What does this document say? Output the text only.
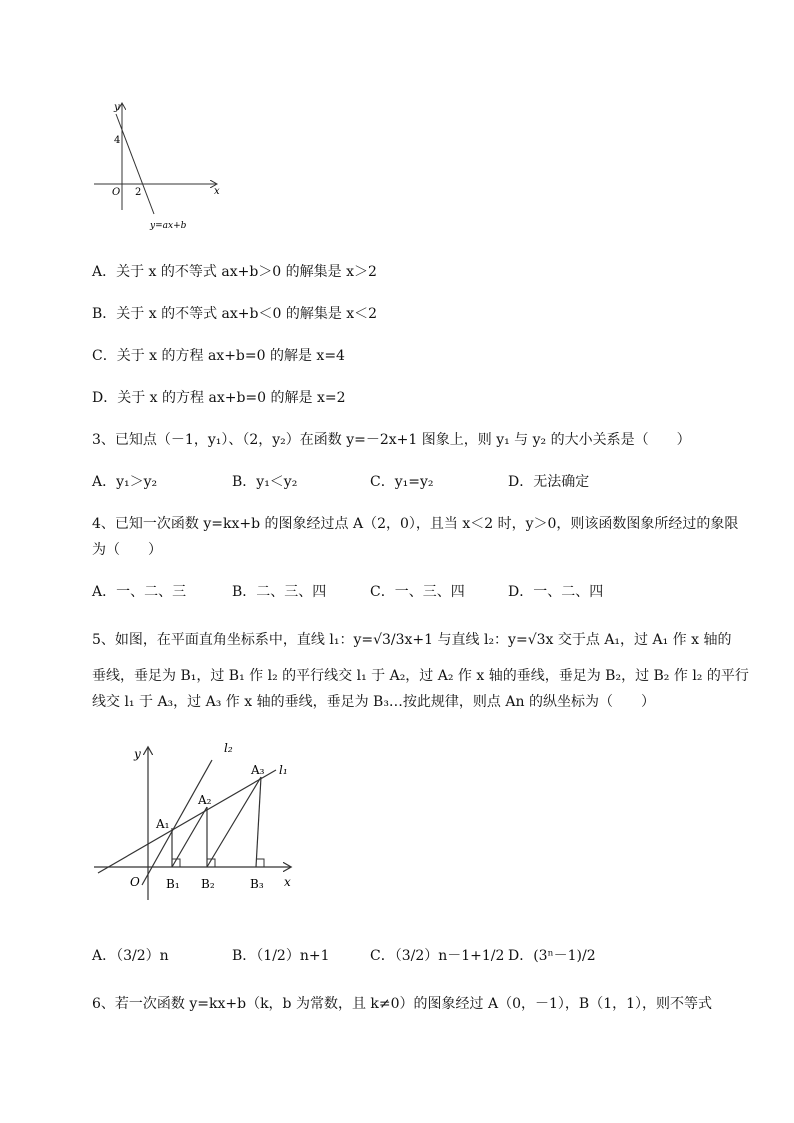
y
x
O
4
2
y=ax+b
A．关于 x 的不等式 ax+b＞0 的解集是 x＞2
B．关于 x 的不等式 ax+b＜0 的解集是 x＜2
C．关于 x 的方程 ax+b=0 的解是 x=4
D．关于 x 的方程 ax+b=0 的解是 x=2
3、已知点（－1，y₁）、（2，y₂）在函数 y=－2x+1 图象上，则 y₁ 与 y₂ 的大小关系是（　　）
A．y₁＞y₂	B．y₁＜y₂	C．y₁=y₂	D．无法确定
4、已知一次函数 y=kx+b 的图象经过点 A（2，0），且当 x＜2 时，y＞0，则该函数图象所经过的象限
为（　　）
A．一、二、三	B．二、三、四	C．一、三、四	D．一、二、四
5、如图，在平面直角坐标系中，直线 l₁：y=√3/3x+1 与直线 l₂：y=√3x 交于点 A₁，过 A₁ 作 x 轴的
垂线，垂足为 B₁，过 B₁ 作 l₂ 的平行线交 l₁ 于 A₂，过 A₂ 作 x 轴的垂线，垂足为 B₂，过 B₂ 作 l₂ 的平行
线交 l₁ 于 A₃，过 A₃ 作 x 轴的垂线，垂足为 B₃…按此规律，则点 An 的纵坐标为（　　）
y
x
O
l₂
l₁
A₁
A₂
A₃
B₁ B₂	B₃
A．（3/2）n	B．（1/2）n+1	C．（3/2）n－1+1/2 D．(3ⁿ－1)/2
6、若一次函数 y=kx+b（k，b 为常数，且 k≠0）的图象经过 A（0，－1），B（1，1），则不等式
